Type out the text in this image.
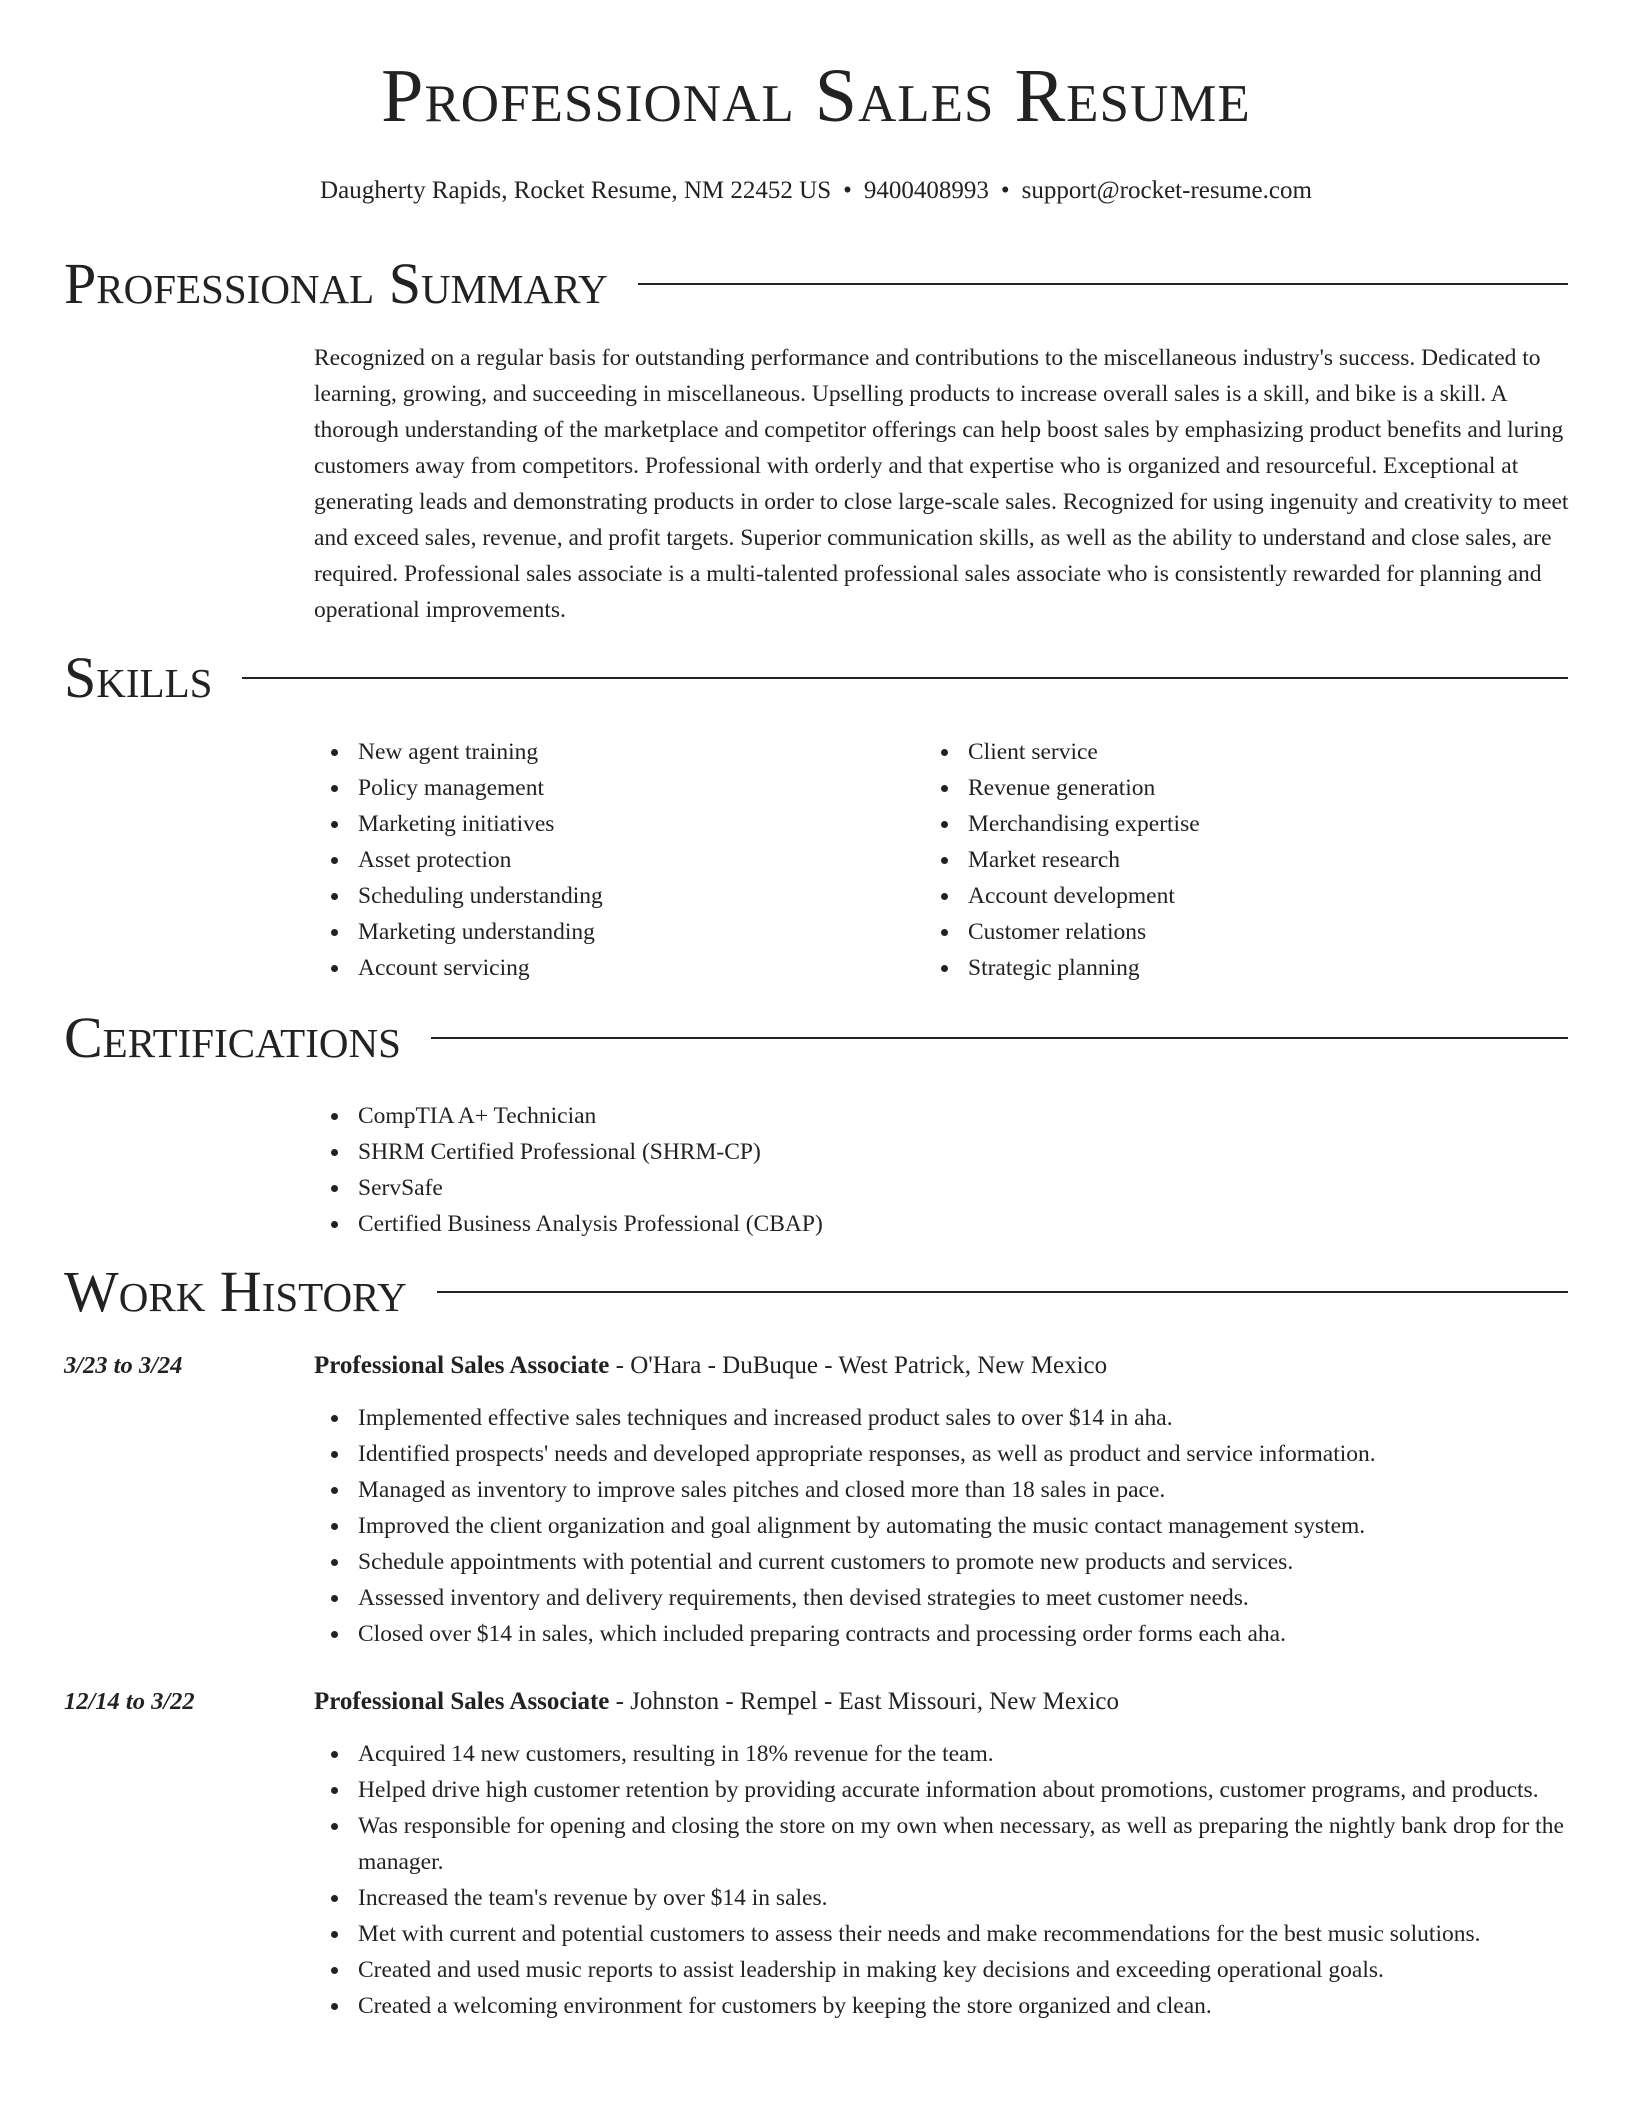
Professional Sales Resume
Daugherty Rapids, Rocket Resume, NM 22452 US • 9400408993 • support@rocket-resume.com
Professional Summary

Recognized on a regular basis for outstanding performance and contributions to the miscellaneous industry's success. Dedicated to learning, growing, and succeeding in miscellaneous. Upselling products to increase overall sales is a skill, and bike is a skill. A thorough understanding of the marketplace and competitor offerings can help boost sales by emphasizing product benefits and luring customers away from competitors. Professional with orderly and that expertise who is organized and resourceful. Exceptional at generating leads and demonstrating products in order to close large-scale sales. Recognized for using ingenuity and creativity to meet and exceed sales, revenue, and profit targets. Superior communication skills, as well as the ability to understand and close sales, are required. Professional sales associate is a multi-talented professional sales associate who is consistently rewarded for planning and operational improvements.

Skills
New agent training
Policy management
Marketing initiatives
Asset protection
Scheduling understanding
Marketing understanding
Account servicing
Client service
Revenue generation
Merchandising expertise
Market research
Account development
Customer relations
Strategic planning
Certifications
CompTIA A+ Technician
SHRM Certified Professional (SHRM-CP)
ServSafe
Certified Business Analysis Professional (CBAP)
Work History
3/23 to 3/24	Professional Sales Associate - O'Hara - DuBuque - West Patrick, New Mexico
Implemented effective sales techniques and increased product sales to over $14 in aha.
Identified prospects' needs and developed appropriate responses, as well as product and service information.
Managed as inventory to improve sales pitches and closed more than 18 sales in pace.
Improved the client organization and goal alignment by automating the music contact management system.
Schedule appointments with potential and current customers to promote new products and services.
Assessed inventory and delivery requirements, then devised strategies to meet customer needs.
Closed over $14 in sales, which included preparing contracts and processing order forms each aha.
12/14 to 3/22	Professional Sales Associate - Johnston - Rempel - East Missouri, New Mexico
Acquired 14 new customers, resulting in 18% revenue for the team.
Helped drive high customer retention by providing accurate information about promotions, customer programs, and products.
Was responsible for opening and closing the store on my own when necessary, as well as preparing the nightly bank drop for the manager.
Increased the team's revenue by over $14 in sales.
Met with current and potential customers to assess their needs and make recommendations for the best music solutions.
Created and used music reports to assist leadership in making key decisions and exceeding operational goals.
Created a welcoming environment for customers by keeping the store organized and clean.
